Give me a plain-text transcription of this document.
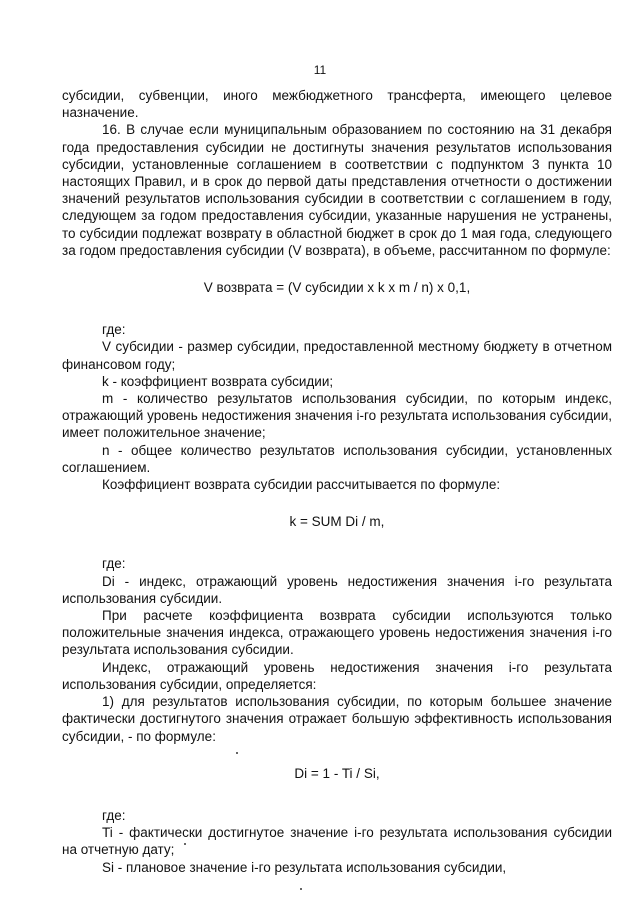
11

субсидии, субвенции, иного межбюджетного трансферта, имеющего целевое назначение.

16. В случае если муниципальным образованием по состоянию на 31 декабря года предоставления субсидии не достигнуты значения результатов использования субсидии, установленные соглашением в соответствии с подпунктом 3 пункта 10 настоящих Правил, и в срок до первой даты представления отчетности о достижении значений результатов использования субсидии в соответствии с соглашением в году, следующем за годом предоставления субсидии, указанные нарушения не устранены, то субсидии подлежат возврату в областной бюджет в срок до 1 мая года, следующего за годом предоставления субсидии (V возврата), в объеме, рассчитанном по формуле:

V возврата = (V субсидии x k x m / n) x 0,1,

где:

V субсидии - размер субсидии, предоставленной местному бюджету в отчетном финансовом году;

k - коэффициент возврата субсидии;

m - количество результатов использования субсидии, по которым индекс, отражающий уровень недостижения значения i-го результата использования субсидии, имеет положительное значение;

n - общее количество результатов использования субсидии, установленных соглашением.

Коэффициент возврата субсидии рассчитывается по формуле:

k = SUM Di / m,

где:

Di - индекс, отражающий уровень недостижения значения i-го результата использования субсидии.

При расчете коэффициента возврата субсидии используются только положительные значения индекса, отражающего уровень недостижения значения i-го результата использования субсидии.

Индекс, отражающий уровень недостижения значения i-го результата использования субсидии, определяется:

1) для результатов использования субсидии, по которым большее значение фактически достигнутого значения отражает большую эффективность использования субсидии, - по формуле:

Di = 1 - Ti / Si,

где:

Ti - фактически достигнутое значение i-го результата использования субсидии на отчетную дату;

Si - плановое значение i-го результата использования субсидии,
